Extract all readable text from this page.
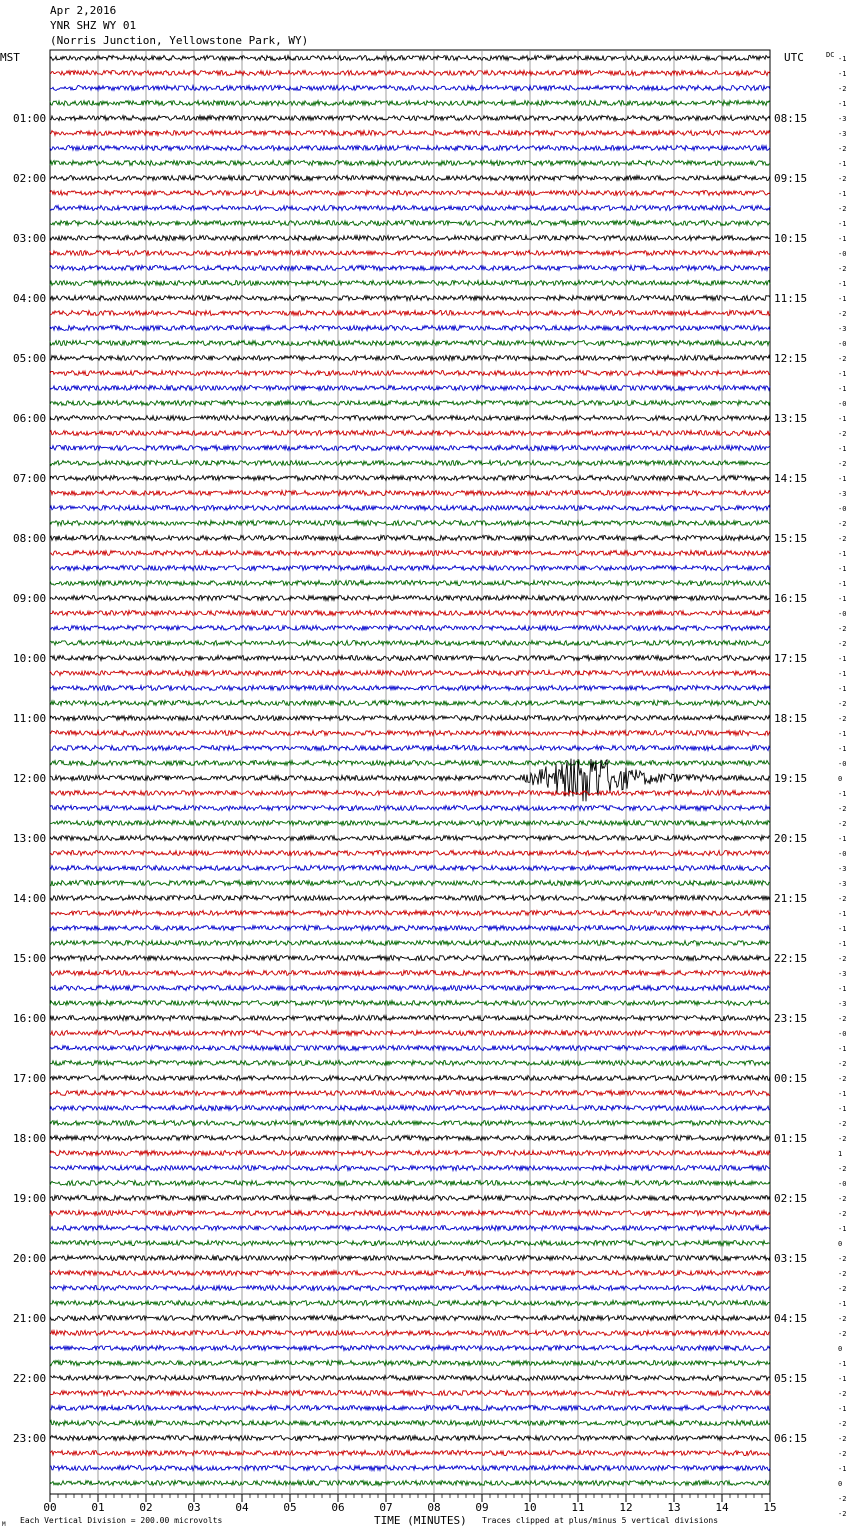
Apr 2,2016
YNR SHZ WY 01
(Norris Junction, Yellowstone Park, WY)
MST	UTC	DC
Each Vertical Division = 200.00 microvolts	TIME (MINUTES) Traces clipped at plus/minus 5 vertical divisions
M
00	01	02	03	04	05	06	07	08	09	10	11	12	13	14	15
-1
-1
-2
-1
-3
-3
-2
-1
-2
-1
-2
-1
-1
-0
-2
-1
-1
-2
-3
-0
-2
-1
-1
-0
-1
-2
-1
-2
-1
-3
-0
-2
-2
-1
-1
-1
-1
-0
-2
-2
-1
-1
-1
-2
-2
-1
-1
-0
0
-1
-2
-2
-1
-0
-3
-3
-2
-1
-1
-1
-2
-3
-1
-3
-2
-0
-1
-2
-2
-1
-1
-2
-2
1
-2
-0
-2
-2
-1
0
-2
-2
-2
-1
-2
-2
0
-1
-1
-2
-1
-2
-2
-2
-1
0
-2
-2
01:00
02:00
03:00
04:00
05:00
06:00
07:00
08:00
09:00
10:00
11:00
12:00
13:00
14:00
15:00
16:00
17:00
18:00
19:00
20:00
21:00
22:00
23:00
08:15
09:15
10:15
11:15
12:15
13:15
14:15
15:15
16:15
17:15
18:15
19:15
20:15
21:15
22:15
23:15
00:15
01:15
02:15
03:15
04:15
05:15
06:15
